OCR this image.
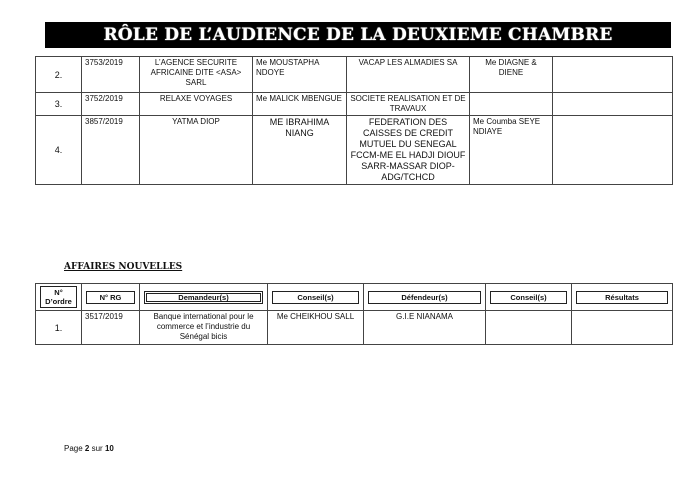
RÔLE DE L’AUDIENCE DE LA DEUXIEME CHAMBRE
2.	3753/2019	L’AGENCE SECURITE AFRICAINE DITE <ASA> SARL	Me MOUSTAPHA NDOYE	VACAP LES ALMADIES SA	Me DIAGNE & DIENE	
3.	3752/2019	RELAXE VOYAGES	Me MALICK MBENGUE	SOCIETE REALISATION ET DE TRAVAUX		
4.	3857/2019	YATMA DIOP	ME IBRAHIMA NIANG	FEDERATION DES CAISSES DE CREDIT MUTUEL DU SENEGAL FCCM-ME EL HADJI DIOUF SARR-MASSAR DIOP-ADG/TCHCD	Me Coumba SEYE NDIAYE	
AFFAIRES NOUVELLES
N° D’ordre	N° RG	Demandeur(s)	Conseil(s)	Défendeur(s)	Conseil(s)	Résultats

1.	3517/2019	Banque international pour le commerce et l’industrie du Sénégal bicis	Me CHEIKHOU SALL	G.I.E NIANAMA		
Page 2 sur 10
